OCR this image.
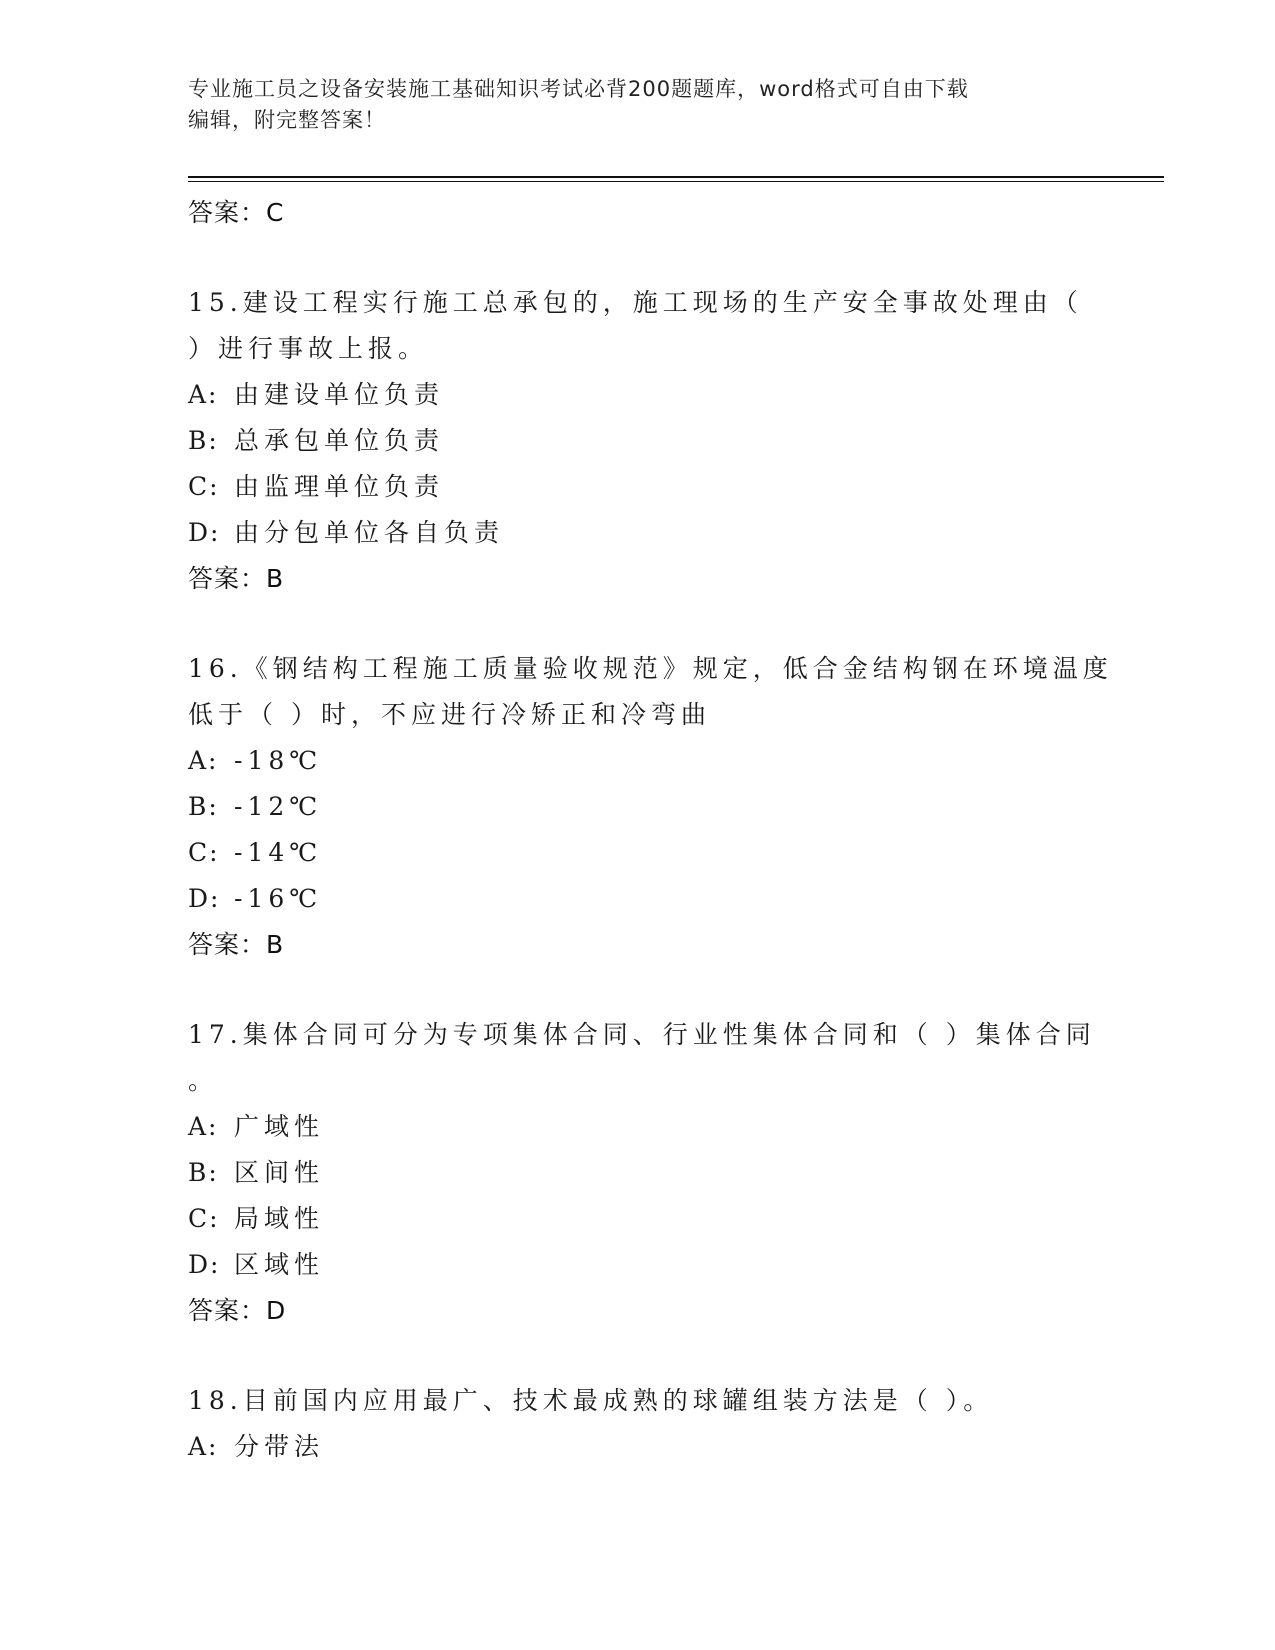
专业施工员之设备安装施工基础知识考试必背200题题库，word格式可自由下载
编辑，附完整答案！
答案：C
15.建设工程实行施工总承包的，施工现场的生产安全事故处理由（
）进行事故上报。
A: 由建设单位负责
B: 总承包单位负责
C: 由监理单位负责
D: 由分包单位各自负责
答案：B
16.《钢结构工程施工质量验收规范》规定，低合金结构钢在环境温度
低于（ ）时，不应进行冷矫正和冷弯曲
A: -18℃
B: -12℃
C: -14℃
D: -16℃
答案：B
17.集体合同可分为专项集体合同、行业性集体合同和（ ）集体合同
。
A: 广域性
B: 区间性
C: 局域性
D: 区域性
答案：D
18.目前国内应用最广、技术最成熟的球罐组装方法是（ ）。
A: 分带法
